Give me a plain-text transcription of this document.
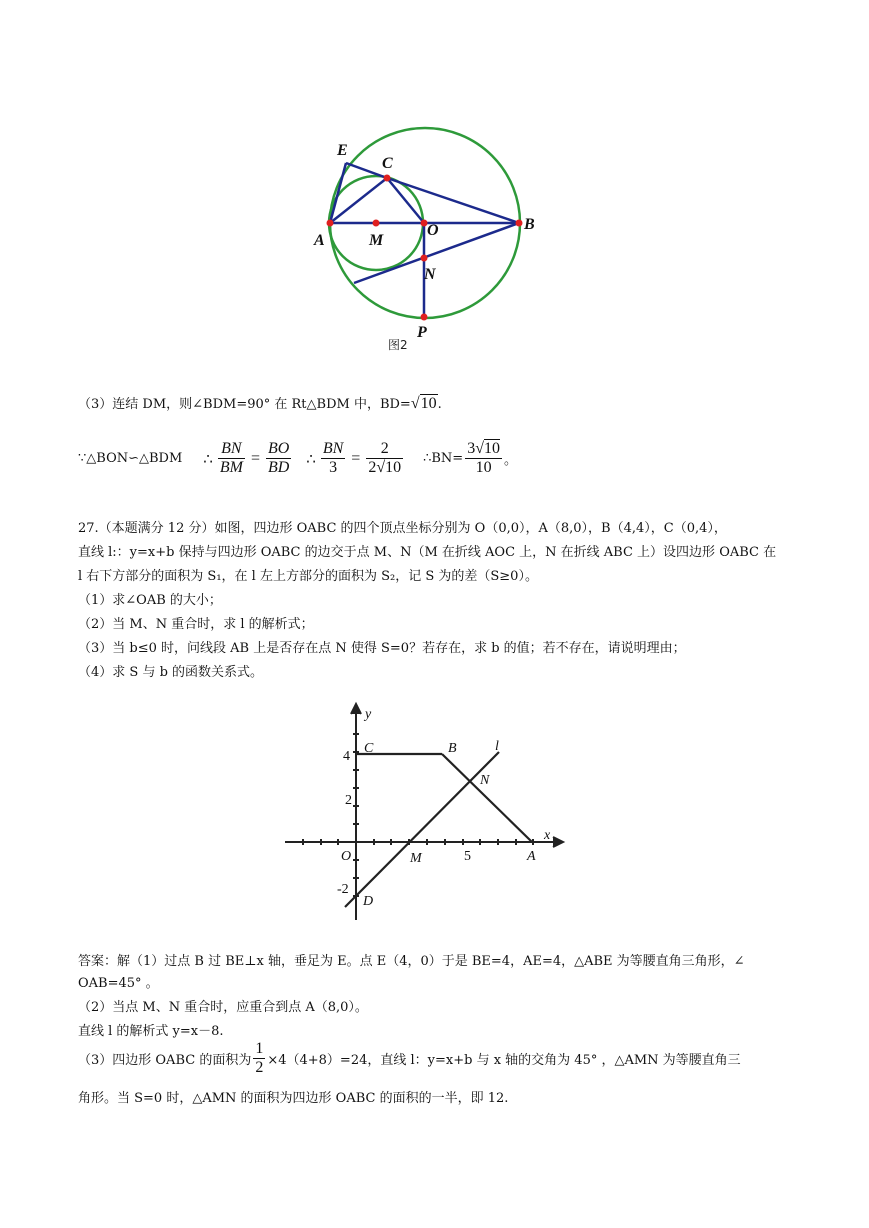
E
C
A	M
O	B
N
P
图2
（3）连结 DM，则∠BDM=90° 在 Rt△BDM 中，BD=√10.
∵△BON∽△BDM ∴ $\frac{BN}{BM} = \frac{BO}{BD}$ ∴ $\frac{BN}{3} = \frac{2}{2√10}$ ∴BN= $\frac{3√10}{10}$ 。
27.（本题满分 12 分）如图，四边形 OABC 的四个顶点坐标分别为 O（0,0），A（8,0），B（4,4），C（0,4），
直线 l:：y=x+b 保持与四边形 OABC 的边交于点 M、N（M 在折线 AOC 上，N 在折线 ABC 上）设四边形 OABC 在
l 右下方部分的面积为 S₁，在 l 左上方部分的面积为 S₂，记 S 为的差（S≥0）。
（1）求∠OAB 的大小；
（2）当 M、N 重合时，求 l 的解析式；
（3）当 b≤0 时，问线段 AB 上是否存在点 N 使得 S=0？若存在，求 b 的值；若不存在，请说明理由；
（4）求 S 与 b 的函数关系式。
y
x
C	B	l
N
O	M	A
D
4
2
5
-2
答案：解（1）过点 B 过 BE⊥x 轴，垂足为 E。点 E（4，0）于是 BE=4，AE=4，△ABE 为等腰直角三角形，∠
OAB=45° 。
（2）当点 M、N 重合时，应重合到点 A（8,0）。
直线 l 的解析式 y=x－8.
（3）四边形 OABC 的面积为 $\frac{1}{2} \times 4(4+8)=24$，直线 l：y=x+b 与 x 轴的交角为 45° ，△AMN 为等腰直角三
角形。当 S=0 时，△AMN 的面积为四边形 OABC 的面积的一半，即 12.
